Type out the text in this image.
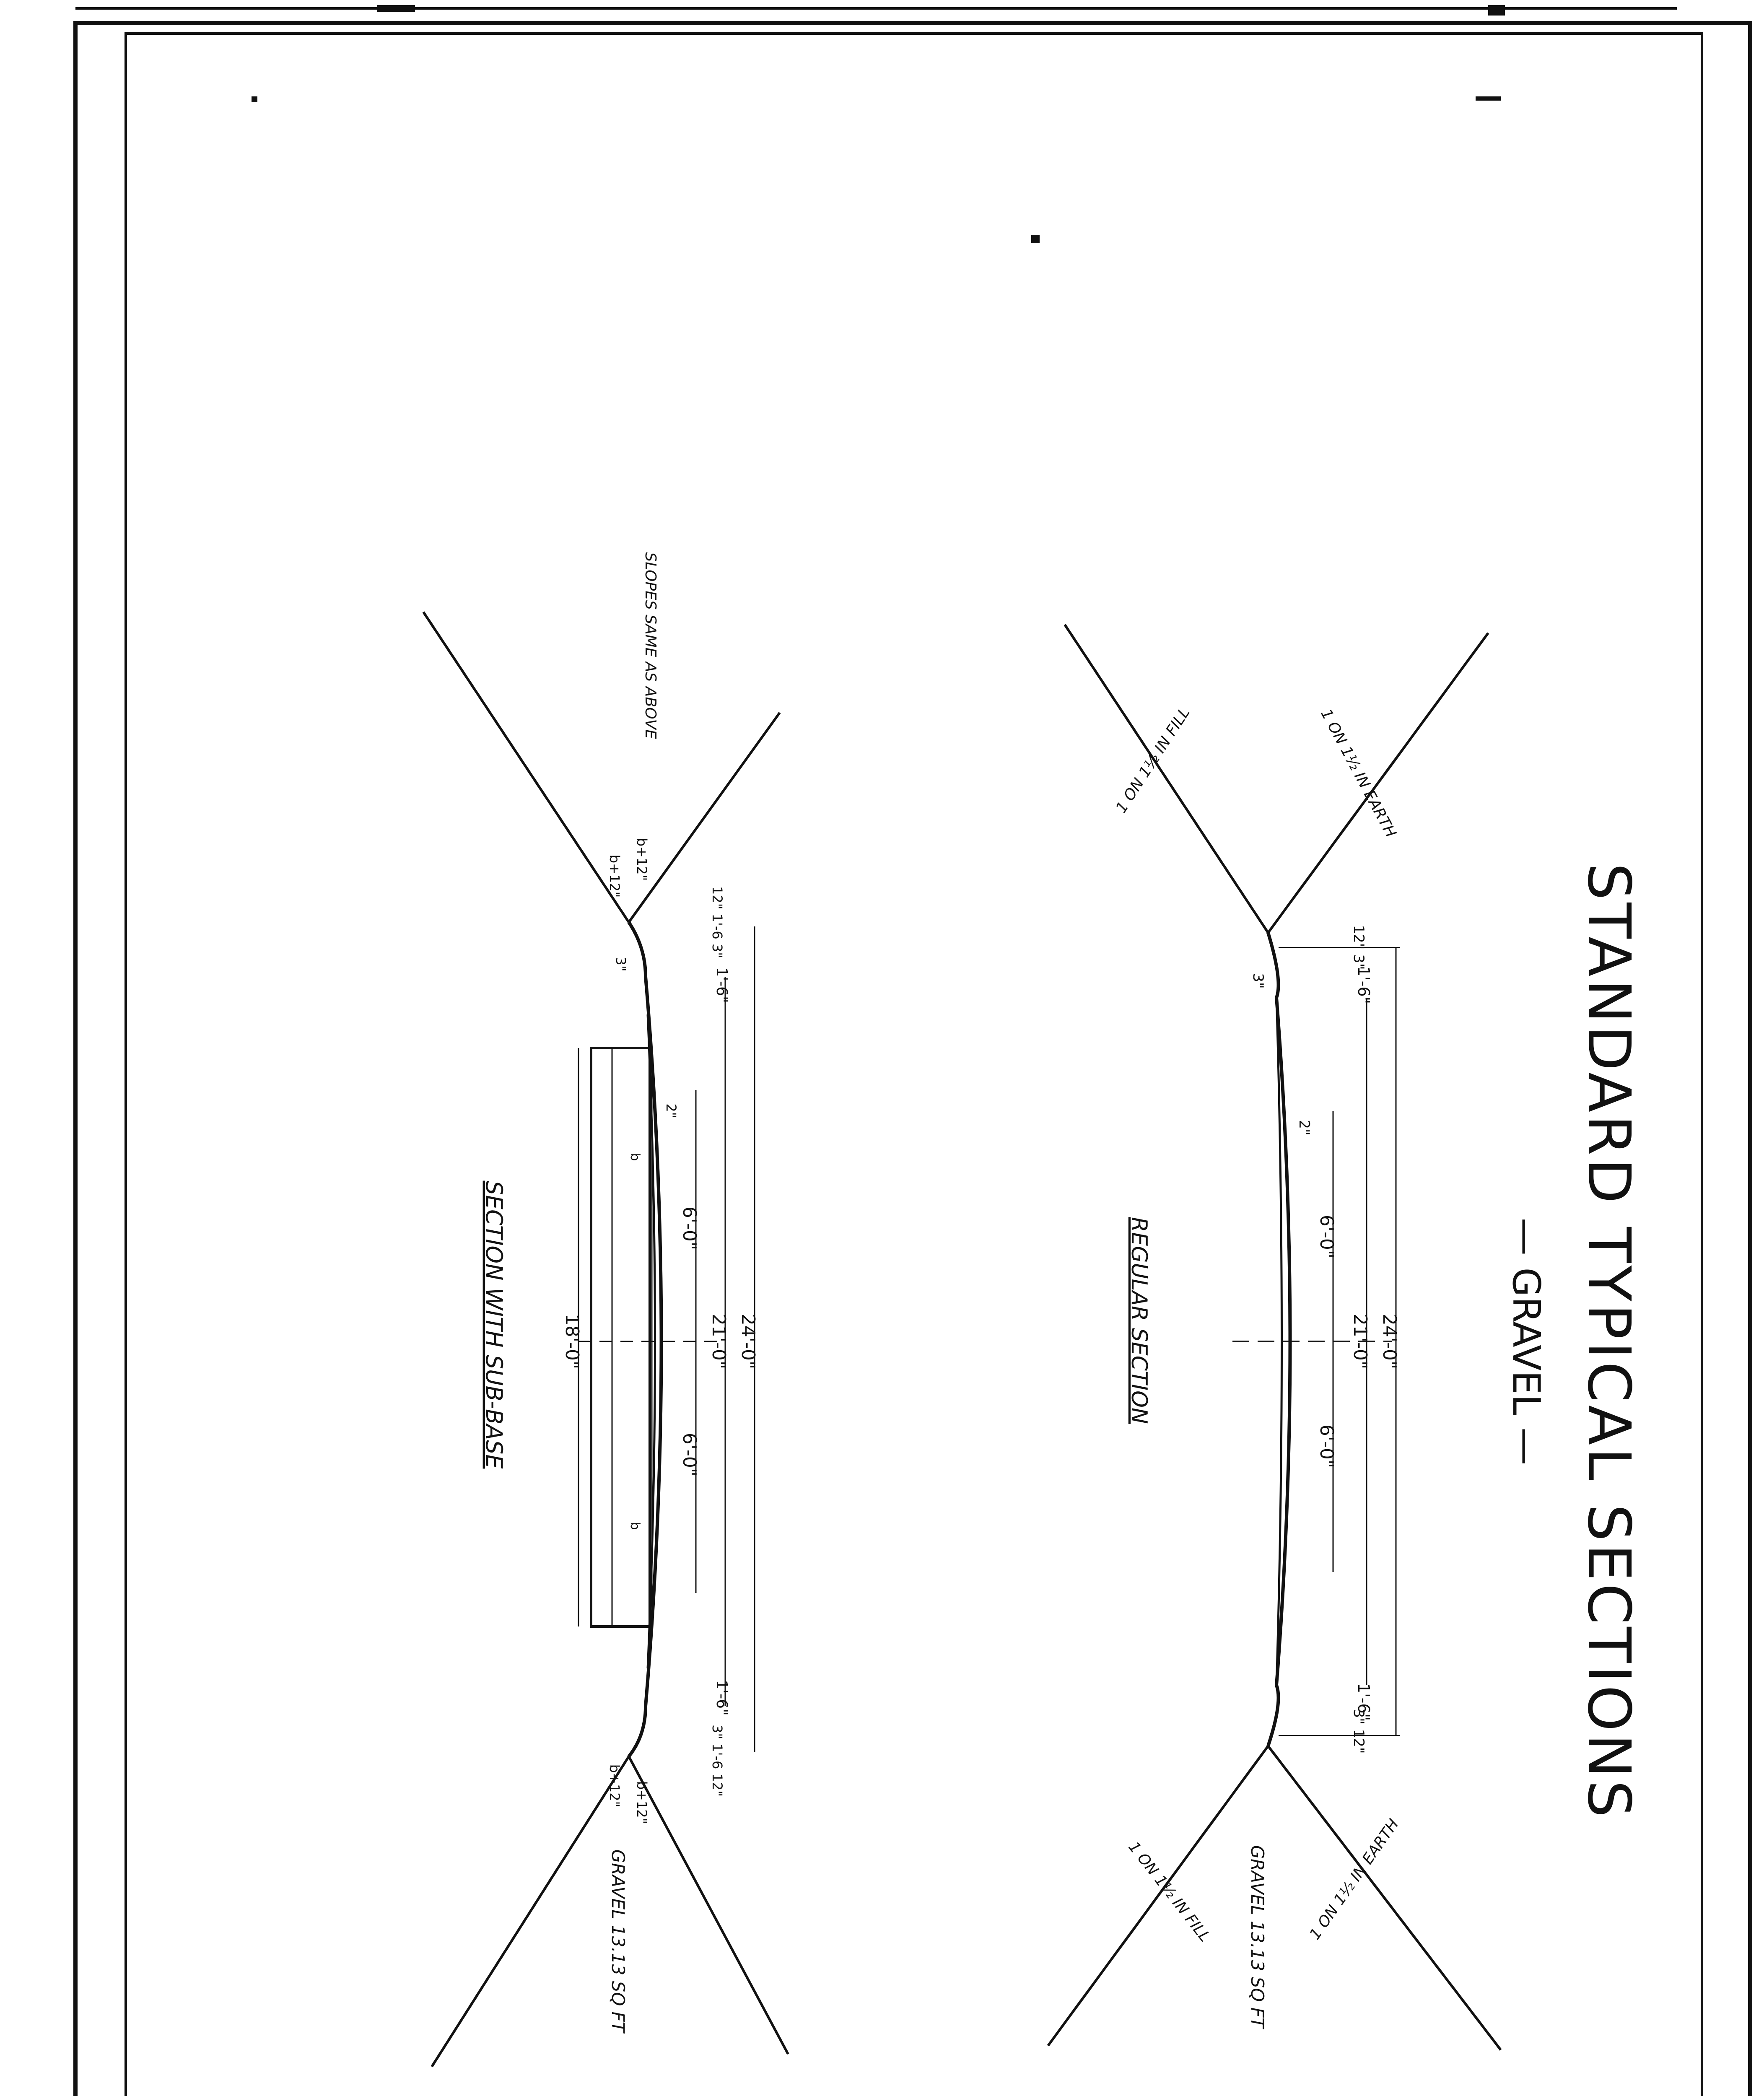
24'-0"
21'-0"
6'-0"
6'-0"
1'-6"
1'-6"
12" 3"
3" 12"
2"
3"
1 ON 1½ IN EARTH
1 ON 1½ IN FILL
1 ON 1½ IN EARTH
1 ON 1½ IN FILL GRAVEL 13.13 SQ FT
REGULAR SECTION
24'-0"
21'-0"
18'-0"
6'-0"
6'-0"
1'-6"
1'-6"
12" 1'-6 3"
3" 1'-6 12"
b+12"
b+12"
b+12"
b+12"
2"
3"
b
b
SLOPES SAME AS ABOVE
GRAVEL 13.13 SQ FT
SECTION WITH SUB-BASE	STANDARD TYPICAL SECTIONS
— GRAVEL —
